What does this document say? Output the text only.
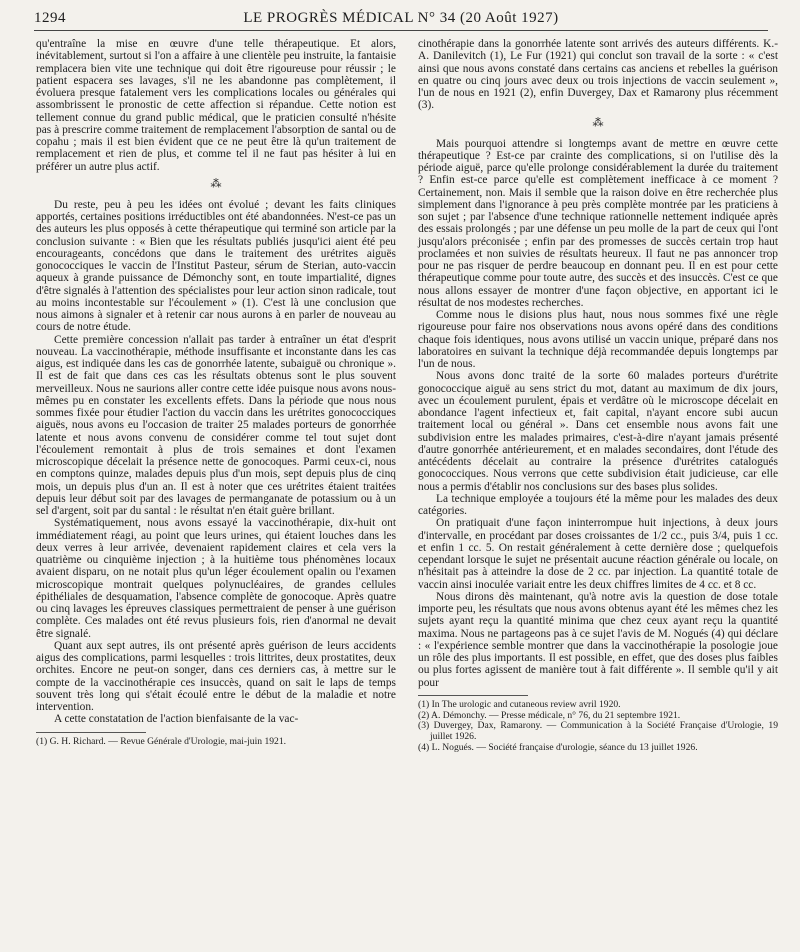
1294	LE PROGRÈS MÉDICAL N° 34 (20 Août 1927)

qu'entraîne la mise en œuvre d'une telle thérapeutique. Et alors, inévitablement, surtout si l'on a affaire à une clientèle peu instruite, la fantaisie remplacera bien vite une technique qui doit être rigoureuse pour réussir ; le patient espacera ses lavages, s'il ne les abandonne pas complètement, il évoluera presque fatalement vers les complications locales ou générales qui assombrissent le pronostic de cette affection si répandue. Cette notion est tellement connue du grand public médical, que le praticien consulté n'hésite pas à prescrire comme traitement de remplacement l'absorption de santal ou de copahu ; mais il est bien évident que ce ne peut être là qu'un traitement de remplacement et rien de plus, et comme tel il ne faut pas hésiter à lui en préférer un autre plus actif.

⁂

Du reste, peu à peu les idées ont évolué ; devant les faits cliniques apportés, certaines positions irréductibles ont été abandonnées. N'est-ce pas un des auteurs les plus opposés à cette thérapeutique qui terminé son article par la conclusion suivante : « Bien que les résultats publiés jusqu'ici aient été peu encourageants, concédons que dans le traitement des urétrites aiguës gonococciques le vaccin de l'Institut Pasteur, sérum de Sterian, auto-vaccin aqueux à grande puissance de Démonchy sont, en toute impartialité, dignes d'être signalés à l'attention des spécialistes pour leur action sinon radicale, tout au moins incontestable sur l'écoulement » (1). C'est là une conclusion que nous aimons à signaler et à retenir car nous aurons à en parler de nouveau au cours de notre étude.

Cette première concession n'allait pas tarder à entraîner un état d'esprit nouveau. La vaccinothérapie, méthode insuffisante et inconstante dans les cas aigus, est indiquée dans les cas de gonorrhée latente, subaiguë ou chronique ». Il est de fait que dans ces cas les résultats obtenus sont le plus souvent merveilleux. Nous ne saurions aller contre cette idée puisque nous avons nous-mêmes pu en constater les excellents effets. Dans la période que nous nous sommes fixée pour étudier l'action du vaccin dans les urétrites gonococciques aiguës, nous avons eu l'occasion de traiter 25 malades porteurs de gonorrhée latente et nous avons convenu de considérer comme tel tout sujet dont l'écoulement remontait à plus de trois semaines et dont l'examen microscopique décelait la présence nette de gonocoques. Parmi ceux-ci, nous en comptons quinze, malades depuis plus d'un mois, sept depuis plus de cinq mois, un depuis plus d'un an. Il est à noter que ces urétrites étaient traitées depuis leur début soit par des lavages de permanganate de potassium ou à un sel d'argent, soit par du santal : le résultat n'en était guère brillant.

Systématiquement, nous avons essayé la vaccinothérapie, dix-huit ont immédiatement réagi, au point que leurs urines, qui étaient louches dans les deux verres à leur arrivée, devenaient rapidement claires et cela vers la quatrième ou cinquième injection ; à la huitième tous phénomènes locaux avaient disparu, on ne notait plus qu'un léger écoulement opalin ou l'examen microscopique montrait quelques polynucléaires, de grandes cellules épithéliales de desquamation, l'absence complète de gonocoque. Après quatre ou cinq lavages les épreuves classiques permettraient de penser à une guérison complète. Ces malades ont été revus plusieurs fois, rien d'anormal ne devait être signalé.

Quant aux sept autres, ils ont présenté après guérison de leurs accidents aigus des complications, parmi lesquelles : trois littrites, deux prostatites, deux orchites. Encore ne peut-on songer, dans ces derniers cas, à mettre sur le compte de la vaccinothérapie ces insuccès, quand on sait le laps de temps souvent très long qui s'était écoulé entre le début de la maladie et notre intervention.

A cette constatation de l'action bienfaisante de la vac-

(1) G. H. Richard. — Revue Générale d'Urologie, mai-juin 1921.

cinothérapie dans la gonorrhée latente sont arrivés des auteurs différents. K.-A. Danilevitch (1), Le Fur (1921) qui conclut son travail de la sorte : « c'est ainsi que nous avons constaté dans certains cas anciens et rebelles la guérison en quatre ou cinq jours avec deux ou trois injections de vaccin seulement », l'un de nous en 1921 (2), enfin Duvergey, Dax et Ramarony plus récemment (3).

⁂

Mais pourquoi attendre si longtemps avant de mettre en œuvre cette thérapeutique ? Est-ce par crainte des complications, si on l'utilise dès la période aiguë, parce qu'elle prolonge considérablement la durée du traitement ? Enfin est-ce parce qu'elle est complètement inefficace à ce moment ? Certainement, non. Mais il semble que la raison doive en être recherchée plus simplement dans l'ignorance à peu près complète montrée par les praticiens à son sujet ; par l'absence d'une technique rationnelle nettement indiquée après des essais prolongés ; par une défense un peu molle de la part de ceux qui l'ont jusqu'alors préconisée ; enfin par des promesses de succès certain trop haut proclamées et non suivies de résultats heureux. Il faut ne pas annoncer trop pour ne pas risquer de perdre beaucoup en donnant peu. Il en est pour cette thérapeutique comme pour toute autre, des succès et des insuccès. C'est ce que nous allons essayer de montrer d'une façon objective, en apportant ici le résultat de nos modestes recherches.

Comme nous le disions plus haut, nous nous sommes fixé une règle rigoureuse pour faire nos observations nous avons opéré dans des conditions chaque fois identiques, nous avons utilisé un vaccin unique, préparé dans nos laboratoires en suivant la technique déjà recommandée depuis longtemps par l'un de nous.

Nous avons donc traité de la sorte 60 malades porteurs d'urétrite gonococcique aiguë au sens strict du mot, datant au maximum de dix jours, avec un écoulement purulent, épais et verdâtre où le microscope décelait en abondance l'agent infectieux et, fait capital, n'ayant encore subi aucun traitement local ou général ». Dans cet ensemble nous avons fait une subdivision entre les malades primaires, c'est-à-dire n'ayant jamais présenté d'autre gonorrhée antérieurement, et en malades secondaires, dont l'étude des antécédents décelait au contraire la présence d'urétrites catalogués gonococciques. Nous verrons que cette subdivision était judicieuse, car elle nous a permis d'établir nos conclusions sur des bases plus solides.

La technique employée a toujours été la même pour les malades des deux catégories.

On pratiquait d'une façon ininterrompue huit injections, à deux jours d'intervalle, en procédant par doses croissantes de 1/2 cc., puis 3/4, puis 1 cc. et enfin 1 cc. 5. On restait généralement à cette dernière dose ; quelquefois cependant lorsque le sujet ne présentait aucune réaction générale ou locale, on n'hésitait pas à atteindre la dose de 2 cc. par injection. La quantité totale de vaccin ainsi inoculée variait entre les deux chiffres limites de 4 cc. et 8 cc.

Nous dirons dès maintenant, qu'à notre avis la question de dose totale importe peu, les résultats que nous avons obtenus ayant été les mêmes chez les sujets ayant reçu la quantité minima que chez ceux ayant reçu la quantité maxima. Nous ne partageons pas à ce sujet l'avis de M. Nogués (4) qui déclare : « l'expérience semble montrer que dans la vaccinothérapie la posologie joue un rôle des plus importants. Il est possible, en effet, que des doses plus faibles ou plus fortes agissent de manière tout à fait différente ». Il semble qu'il y ait pour

(1) In The urologic and cutaneous review avril 1920.
(2) A. Démonchy. — Presse médicale, n° 76, du 21 septembre 1921.
(3) Duvergey, Dax, Ramarony. — Communication à la Société Française d'Urologie, 19 juillet 1926.
(4) L. Nogués. — Société française d'urologie, séance du 13 juillet 1926.
